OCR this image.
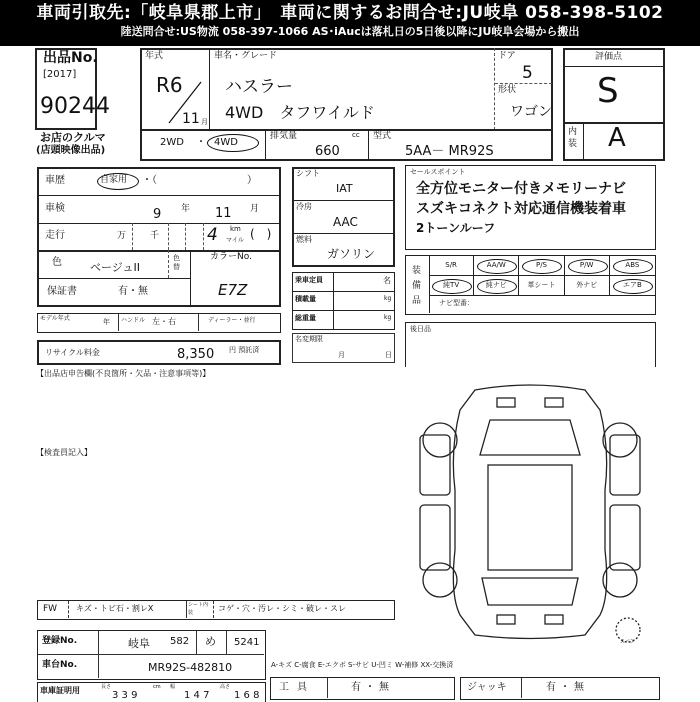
車両引取先:「岐阜県郡上市」　車両に関するお問合せ:JU岐阜 058-398-5102
陸送問合せ:US物流 058-397-1066 AS･iAucは落札日の5日後以降にJU岐阜会場から搬出
出品No.
[2017]
90244
お店のクルマ
(店頭映像出品)
年式
R6
11 月
車名・グレード
ハスラー
4WD　タフワイルド
ドア
5
形状
ワゴン
2WD ・ 4WD
排気量	cc
660
型式
5AA－ MR92S
評価点
S
内装 A
車歴	自家用 ・（　　　　　　　　　）
車検	9 年 11 月
走行	万	千	4 km
マイル (　)
色	ベージュII
色替
カラーNo.
E7Z
保証書	有・無
モデル年式	年 ハンドル 左・右	ディーラー・並行
リサイクル料金	8,350 円 預託済
【出品店申告欄(不良箇所・欠品・注意事項等)】
【検査員記入】
シフト
IAT
冷房
AAC
燃料
ガソリン
乗車定員	名
積載量	kg
総重量	kg
名変期限
月	日
セールスポイント
全方位モニター付きメモリーナビ
スズキコネクト対応通信機装着車
2トーンルーフ
装備品
S/R	AA/W	P/S	P/W	ABS
純TV	純ナビ	革シート	外ナビ	エアB
ナビ型番：
後日品
スペア
FW キズ・トビ石・割レX	シート内装	コゲ・穴・汚レ・シミ・破レ・スレ
登録No.	岐阜 582 め 5241
車台No.	MR92S-482810
車庫証明用	長さ
3 3 9
cm 幅
1 4 7
高さ
1 6 8
A-キズ C-腐食 E-エクボ S-サビ U-凹ミ W-補修 XX-交換済
工具	有・無	ジャッキ	有・無
